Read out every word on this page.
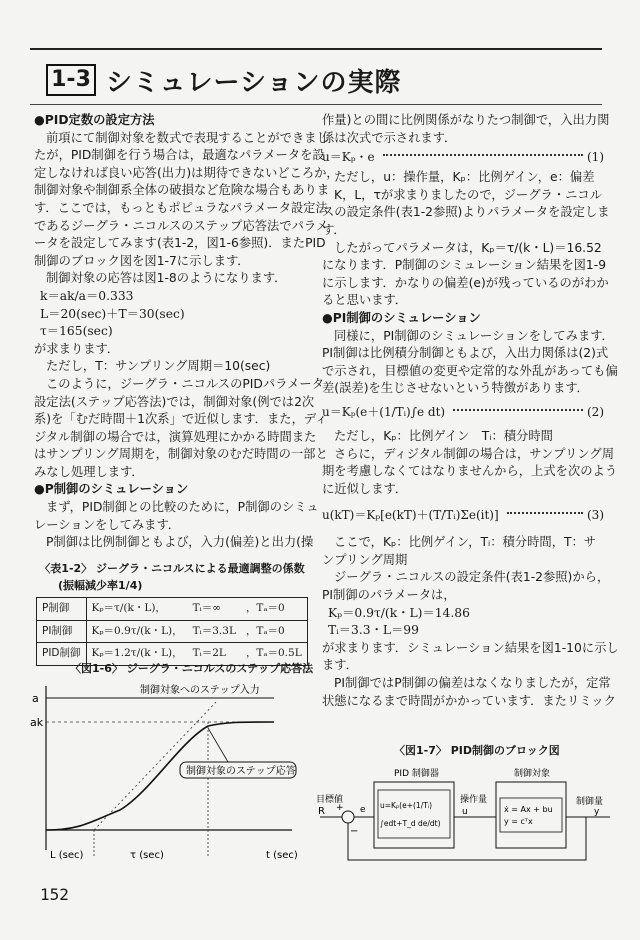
1-3 シミュレーションの実際

●PID定数の設定方法

前項にて制御対象を数式で表現することができまし

たが，PID制御を行う場合は，最適なパラメータを設

定しなければ良い応答(出力)は期待できないどころか，

制御対象や制御系全体の破損など危険な場合もありま

す．ここでは，もっともポピュラなパラメータ設定法

であるジーグラ・ニコルスのステップ応答法でパラメ

ータを設定してみます(表1-2，図1-6参照)．またPID

制御のブロック図を図1-7に示します．

制御対象の応答は図1-8のようになります．

k＝ak/a＝0.333

L＝20(sec)＋T＝30(sec)

τ＝165(sec)

が求まります．

ただし，T：サンプリング周期＝10(sec)

このように，ジーグラ・ニコルスのPIDパラメータ

設定法(ステップ応答法)では，制御対象(例では2次

系)を「むだ時間＋1次系」で近似します．また，ディ

ジタル制御の場合では，演算処理にかかる時間また

はサンプリング周期を，制御対象のむだ時間の一部と

みなし処理します．

●P制御のシミュレーション

まず，PID制御との比較のために，P制御のシミュ

レーションをしてみます．

P制御は比例制御ともよび，入力(偏差)と出力(操

〈表1-2〉 ジーグラ・ニコルスによる最適調整の係数

(振幅減少率1/4)

P制御	Kₚ＝τ/(k・L)，	Tᵢ＝∞	，Tₐ＝0
PI制御	Kₚ＝0.9τ/(k・L)，	Tᵢ＝3.3L	，Tₐ＝0
PID制御	Kₚ＝1.2τ/(k・L)，	Tᵢ＝2L	，Tₐ＝0.5L
〈図1-6〉 ジーグラ・ニコルスのステップ応答法
a
ak
制御対象へのステップ入力
制御対象のステップ応答
L (sec)	τ (sec)	t (sec)

作量)との間に比例関係がなりたつ制御で，入出力関

係は次式で示されます．

u＝Kₚ・e	(1)

ただし，u：操作量，Kₚ：比例ゲイン，e：偏差

K，L，τが求まりましたので，ジーグラ・ニコル

スの設定条件(表1-2参照)よりパラメータを設定しま

す．

したがってパラメータは，Kₚ＝τ/(k・L)＝16.52

になります．P制御のシミュレーション結果を図1-9

に示します．かなりの偏差(e)が残っているのがわか

ると思います．

●PI制御のシミュレーション

同様に，PI制御のシミュレーションをしてみます．

PI制御は比例積分制御ともよび，入出力関係は(2)式

で示され，目標値の変更や定常的な外乱があっても偏

差(誤差)を生じさせないという特徴があります．

u＝Kₚ(e＋(1/Tᵢ)∫e dt)	(2)

ただし，Kₚ：比例ゲイン　Tᵢ：積分時間

さらに，ディジタル制御の場合は，サンプリング周

期を考慮しなくてはなりませんから，上式を次のよう

に近似します．

u(kT)＝Kₚ[e(kT)＋(T/Tᵢ)Σe(it)]	(3)

ここで，Kₚ：比例ゲイン，Tᵢ：積分時間，T：サ

ンプリング周期

ジーグラ・ニコルスの設定条件(表1-2参照)から，

PI制御のパラメータは，

Kₚ＝0.9τ/(k・L)＝14.86

Tᵢ＝3.3・L＝99

が求まります．シミュレーション結果を図1-10に示し

ます．

PI制御ではP制御の偏差はなくなりましたが，定常

状態になるまで時間がかかっています．またリミック

〈図1-7〉 PID制御のブロック図
目標値
R +
−
e
PID 制御器
u=Kₚ(e+(1/Tᵢ)
∫edt+T_d de/dt)
操作量
u
制御対象
ẋ = Ax + bu
y = cᵀx
制御量
y
152
